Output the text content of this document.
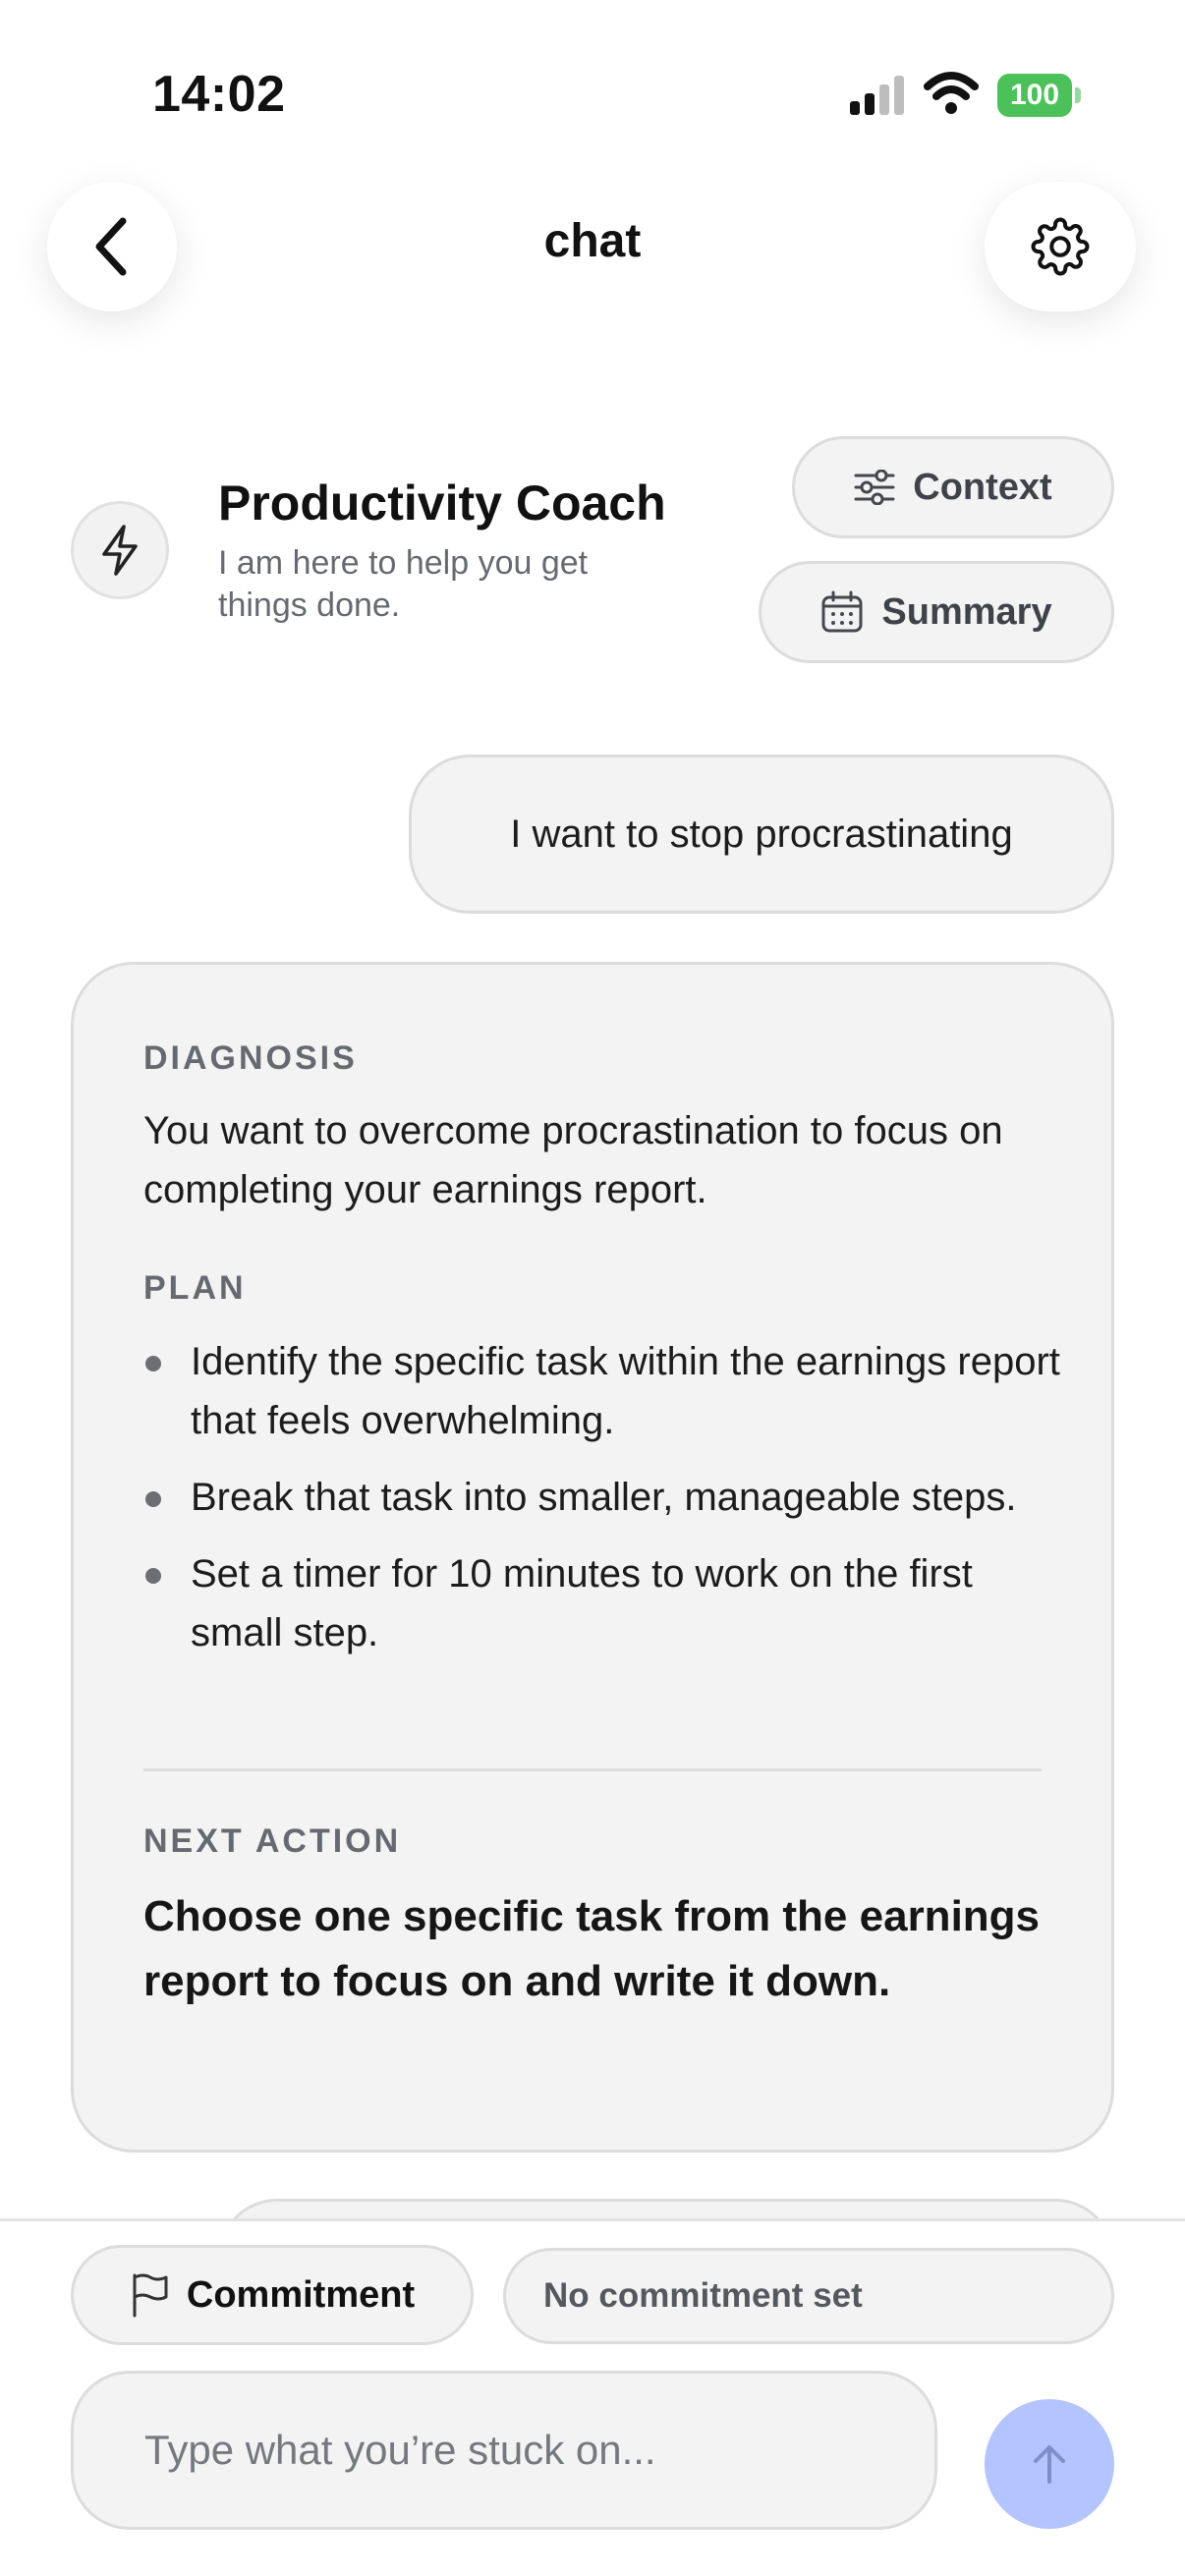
14:02	100
chat
Productivity Coach
I am here to help you get things done.
Context
Summary
I want to stop procrastinating
DIAGNOSIS
You want to overcome procrastination to focus on completing your earnings report.
PLAN
Identify the specific task within the earnings report that feels overwhelming.
Break that task into smaller, manageable steps.
Set a timer for 10 minutes to work on the first small step.
NEXT ACTION
Choose one specific task from the earnings report to focus on and write it down.
Commitment	No commitment set
Type what you’re stuck on...
